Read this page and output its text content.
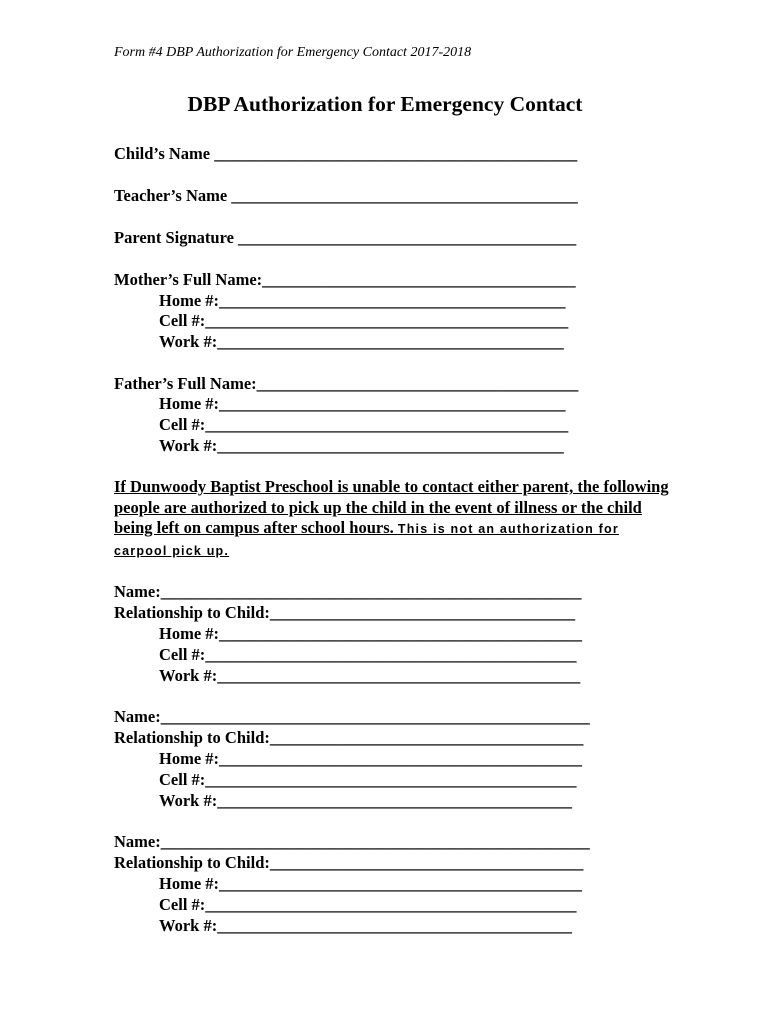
Form #4 DBP Authorization for Emergency Contact 2017-2018
DBP Authorization for Emergency Contact
Child’s Name ____________________________________________
Teacher’s Name __________________________________________
Parent Signature _________________________________________
Mother’s Full Name:______________________________________
Home #:__________________________________________
Cell #:____________________________________________
Work #:__________________________________________
Father’s Full Name:_______________________________________
Home #:__________________________________________
Cell #:____________________________________________
Work #:__________________________________________
If Dunwoody Baptist Preschool is unable to contact either parent, the following people are authorized to pick up the child in the event of illness or the child being left on campus after school hours. This is not an authorization for carpool pick up.
Name:___________________________________________________
Relationship to Child:_____________________________________
Home #:____________________________________________
Cell #:_____________________________________________
Work #:____________________________________________
Name:____________________________________________________
Relationship to Child:______________________________________
Home #:____________________________________________
Cell #:_____________________________________________
Work #:___________________________________________
Name:____________________________________________________
Relationship to Child:______________________________________
Home #:____________________________________________
Cell #:_____________________________________________
Work #:___________________________________________
